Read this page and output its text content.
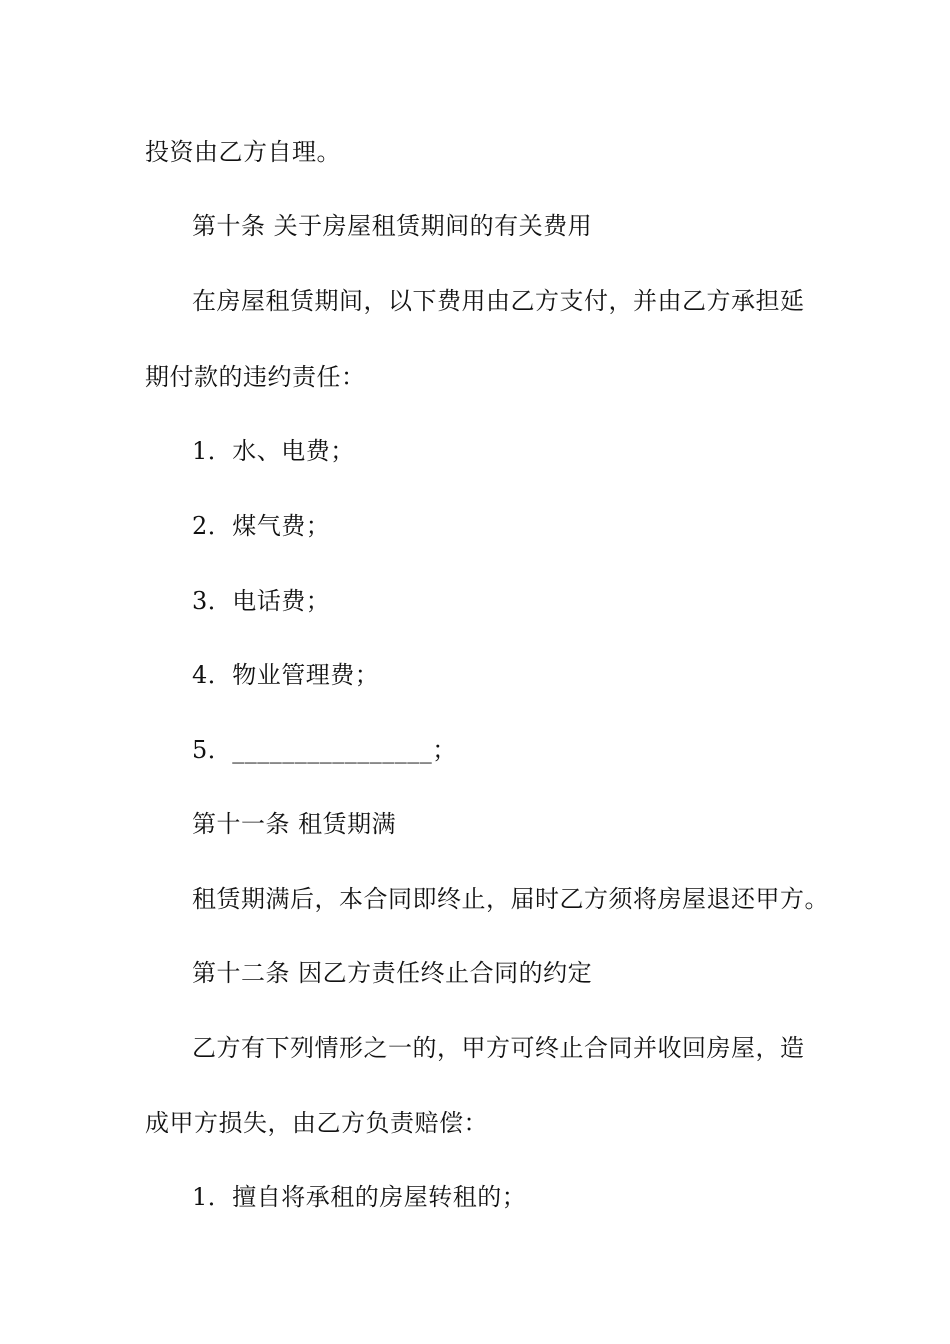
投资由乙方自理。
第十条 关于房屋租赁期间的有关费用
在房屋租赁期间，以下费用由乙方支付，并由乙方承担延
期付款的违约责任：
1．水、电费；
2．煤气费；
3．电话费；
4．物业管理费；
5．________________；
第十一条 租赁期满
租赁期满后，本合同即终止，届时乙方须将房屋退还甲方。
第十二条 因乙方责任终止合同的约定
乙方有下列情形之一的，甲方可终止合同并收回房屋，造
成甲方损失，由乙方负责赔偿：
1．擅自将承租的房屋转租的；
